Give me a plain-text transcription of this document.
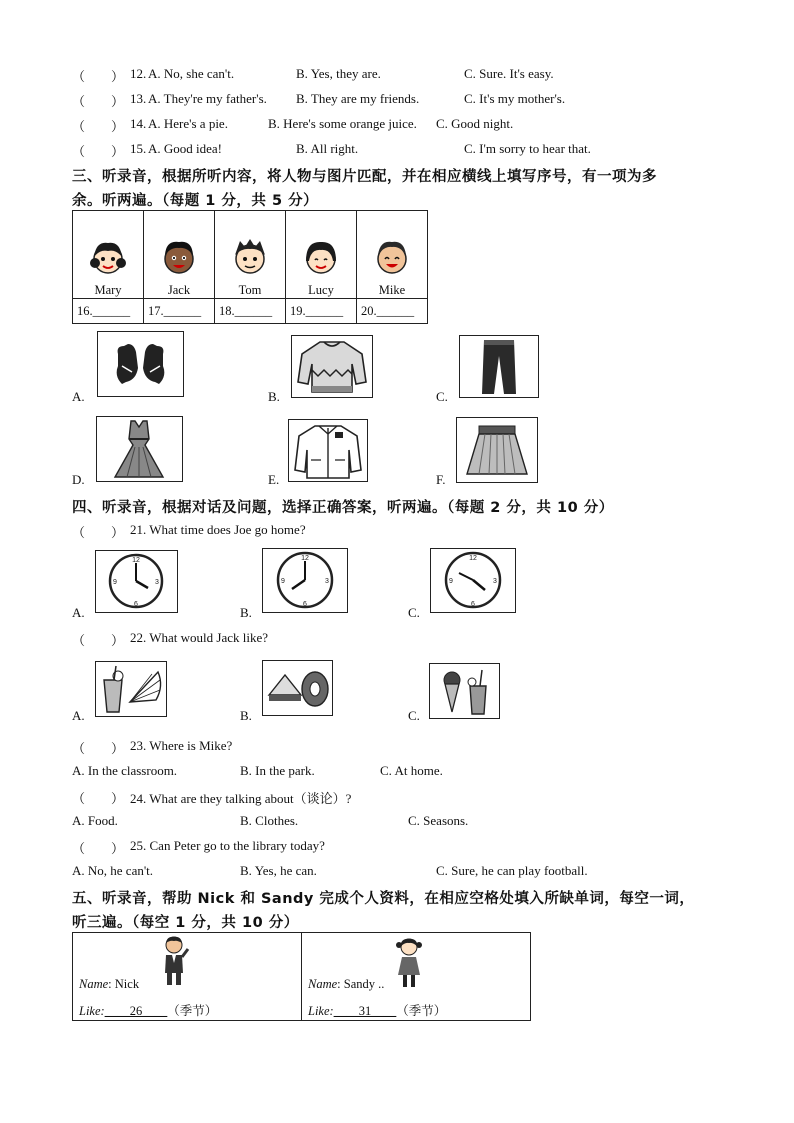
（　　） 12. A. No, she can't.	B. Yes, they are.	C. Sure. It's easy.
（　　） 13. A. They're my father's. B. They are my friends.	C. It's my mother's.
（　　） 14. A. Here's a pie.	B. Here's some orange juice. C. Good night.
（　　） 15. A. Good idea!	B. All right.	C. I'm sorry to hear that.
三、听录音，根据所听内容，将人物与图片匹配，并在相应横线上填写序号，有一项为多
余。听两遍。（每题 1 分，共 5 分）
Mary	Jack	Tom	Lucy	Mike
16.______	17.______	18.______	19.______	20.______
A.	B.	C.
D.	E.	F.
四、听录音，根据对话及问题，选择正确答案，听两遍。（每题 2 分，共 10 分）
（　　） 21. What time does Joe go home?
A.
12
3
6
9
B.
12
3
6
9
C.
12
3
6
9
（　　） 22. What would Jack like?
A.	B.	C.
（　　） 23. Where is Mike?
A. In the classroom.	B. In the park.	C. At home.
（　　） 24. What are they talking about（谈论）?
A. Food.	B. Clothes.	C. Seasons.
（　　） 25. Can Peter go to the library today?
A. No, he can't.	B. Yes, he can.	C. Sure, he can play football.
五、听录音，帮助 Nick 和 Sandy 完成个人资料，在相应空格处填入所缺单词，每空一词，
听三遍。（每空 1 分，共 10 分）
Name: Nick
Like:____26____（季节）

Name: Sandy ..
Like:____31____（季节）
